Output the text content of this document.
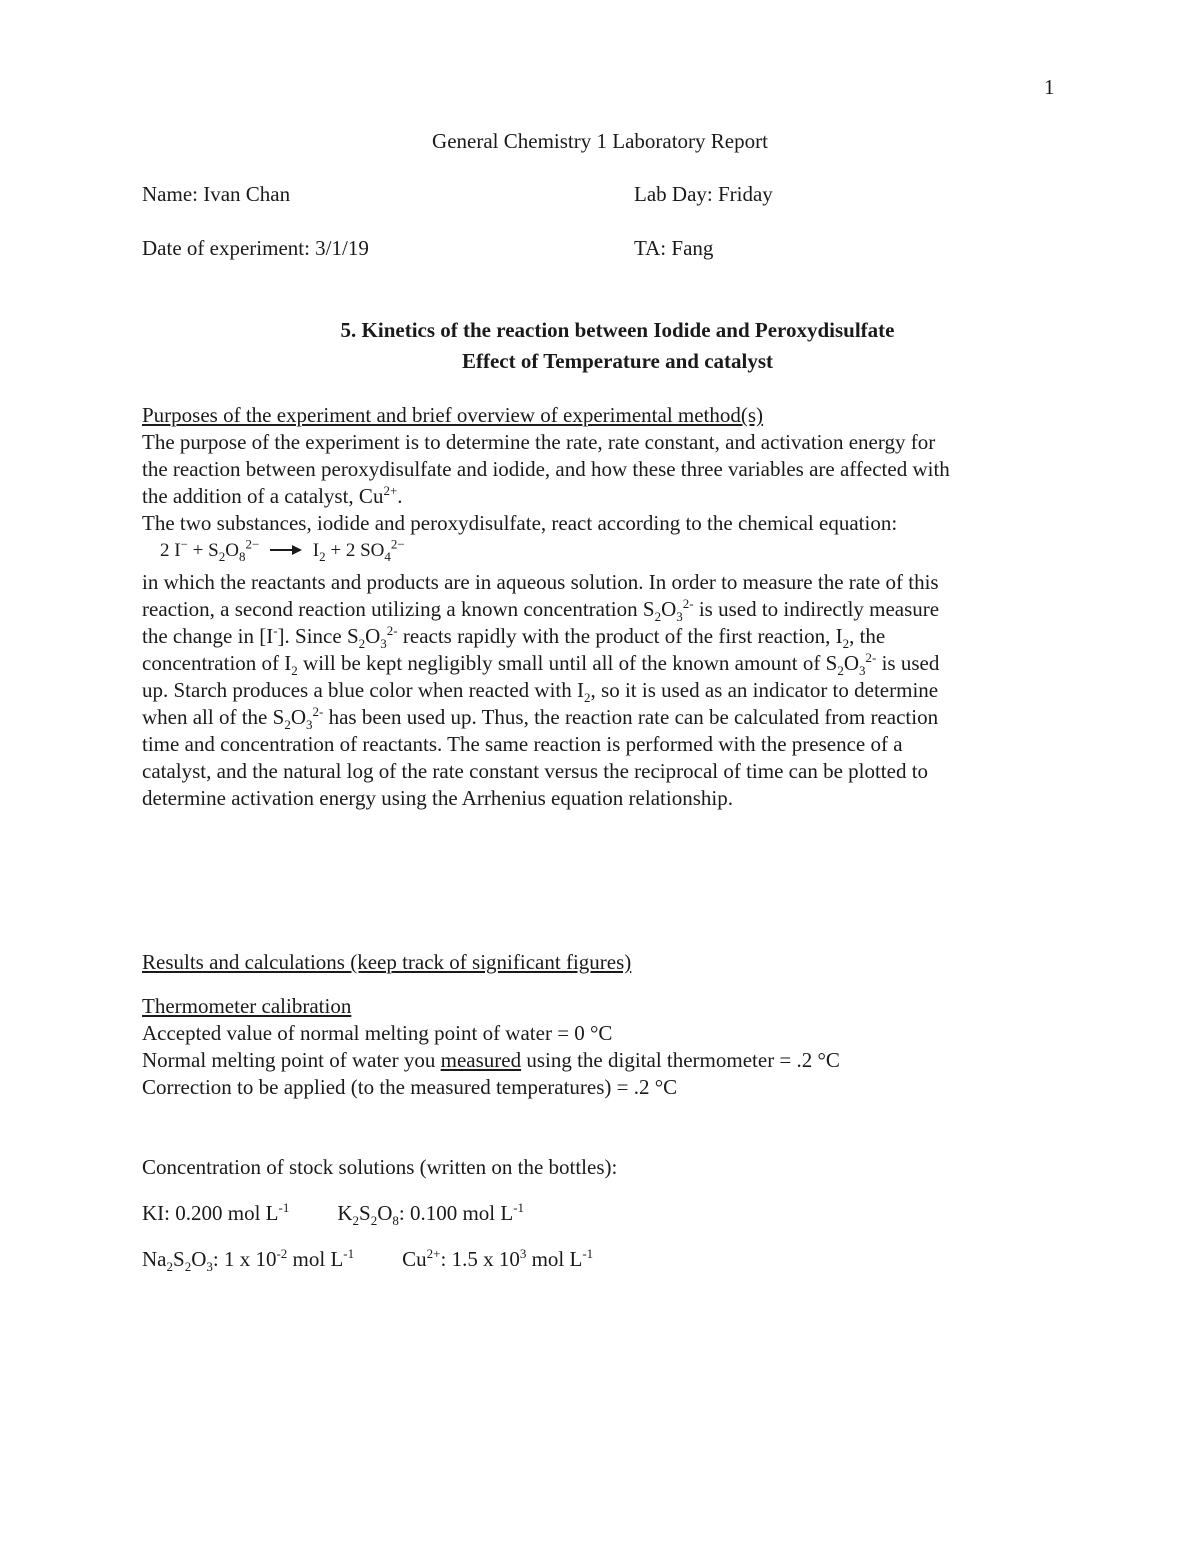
1
General Chemistry 1 Laboratory Report
Name: Ivan Chan	Lab Day: Friday
Date of experiment: 3/1/19	TA: Fang
5. Kinetics of the reaction between Iodide and Peroxydisulfate
Effect of Temperature and catalyst
Purposes of the experiment and brief overview of experimental method(s)
The purpose of the experiment is to determine the rate, rate constant, and activation energy for
the reaction between peroxydisulfate and iodide, and how these three variables are affected with
the addition of a catalyst, $Cu^{2+}$.
The two substances, iodide and peroxydisulfate, react according to the chemical equation:
2 $I^- + S_2O_8^{2-} \to I_2 + 2$ $SO_4^{2-}$
in which the reactants and products are in aqueous solution. In order to measure the rate of this
reaction, a second reaction utilizing a known concentration $S_2O_3^{2-}$ is used to indirectly measure
the change in [I-]. Since $S_2O_3^{2-}$ reacts rapidly with the product of the first reaction, $I_2$, the
concentration of $I_2$ will be kept negligibly small until all of the known amount of $S_2O_3^{2-}$ is used
up. Starch produces a blue color when reacted with $I_2$, so it is used as an indicator to determine
when all of the $S_2O_3^{2-}$ has been used up. Thus, the reaction rate can be calculated from reaction
time and concentration of reactants. The same reaction is performed with the presence of a
catalyst, and the natural log of the rate constant versus the reciprocal of time can be plotted to
determine activation energy using the Arrhenius equation relationship.
Results and calculations (keep track of significant figures)
Thermometer calibration
Accepted value of normal melting point of water = 0 °C
Normal melting point of water you measured using the digital thermometer = .2 °C
Correction to be applied (to the measured temperatures) = .2 °C
Concentration of stock solutions (written on the bottles):
KI: 0.200 mol $L^{-1}$ $K_2S_2O_8$: 0.100 mol $L^{-1}$
$Na_2S_2O_3$: 1 x $10^{-2}$ mol $L^{-1}$ $Cu^{2+}$: 1.5 x $10^3$ mol $L^{-1}$
